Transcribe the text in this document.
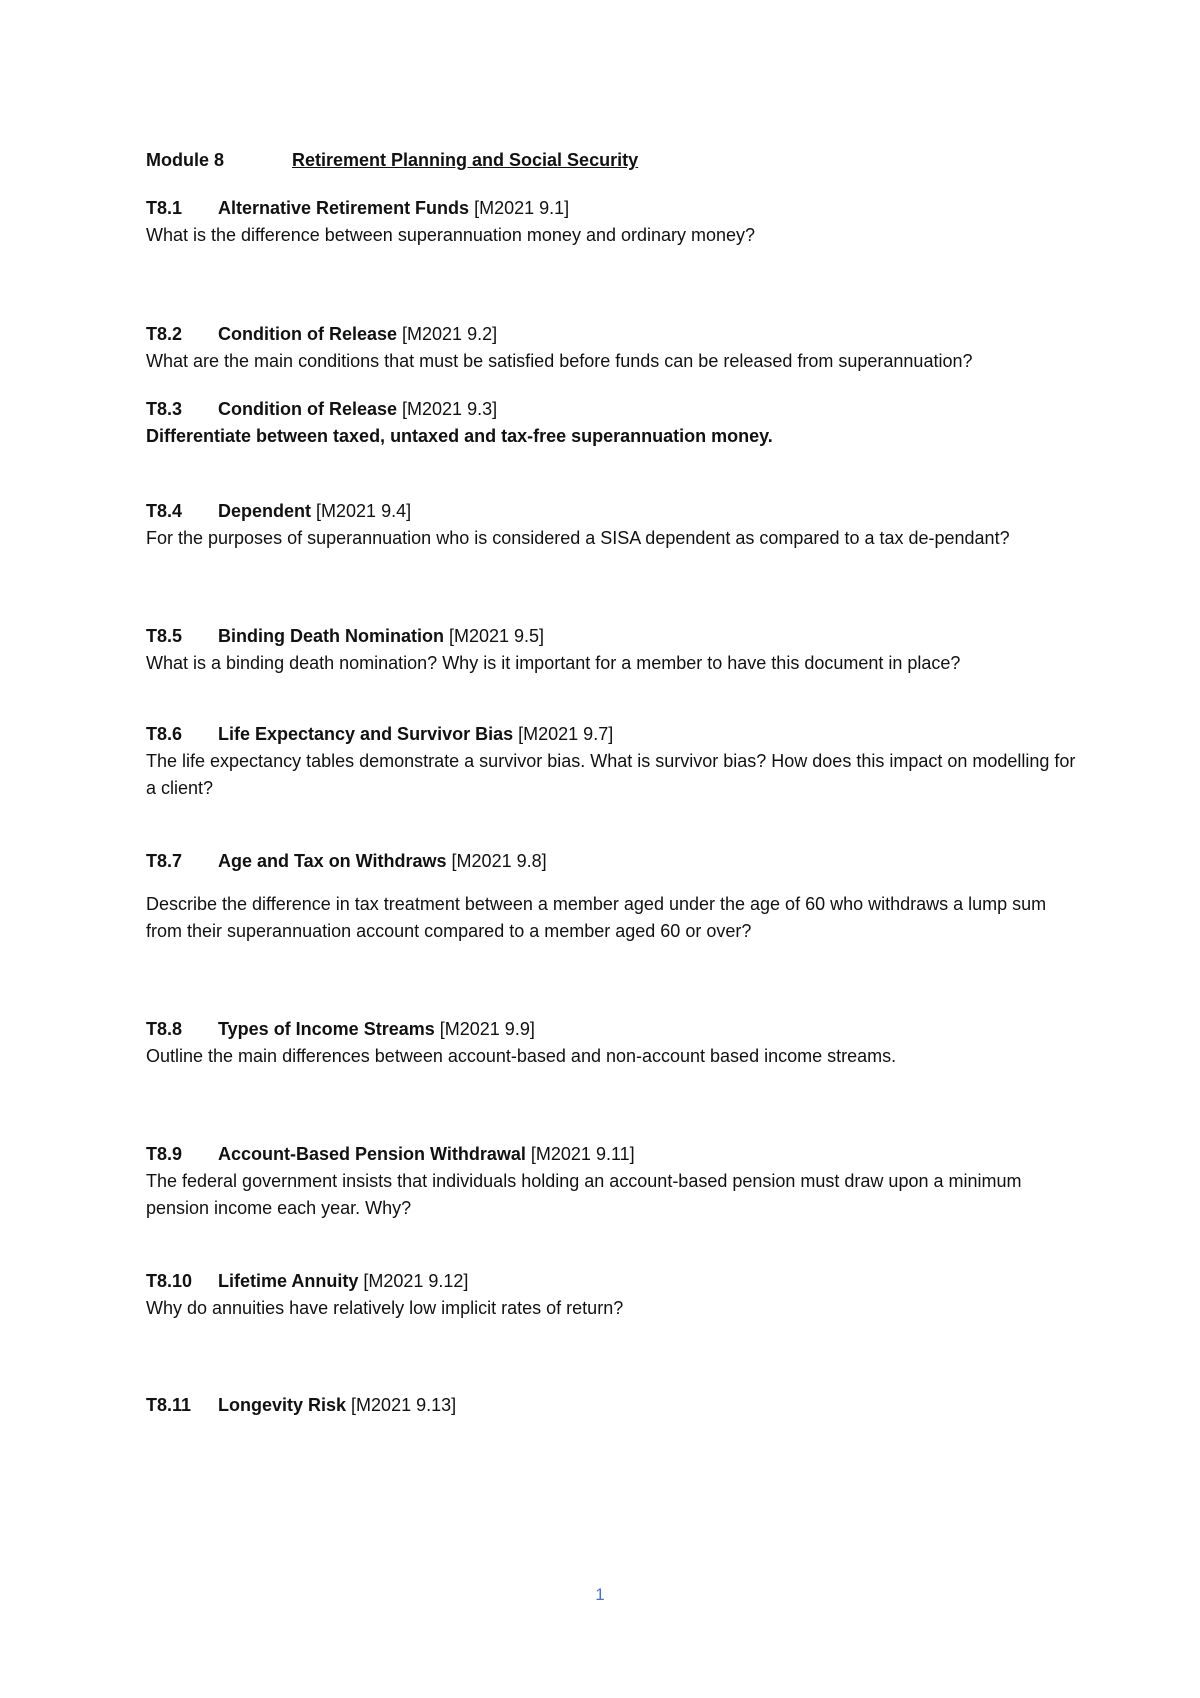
Module 8	Retirement Planning and Social Security
T8.1 Alternative Retirement Funds [M2021 9.1]
What is the difference between superannuation money and ordinary money?
T8.2 Condition of Release [M2021 9.2]
What are the main conditions that must be satisfied before funds can be released from superannuation?
T8.3 Condition of Release [M2021 9.3]
Differentiate between taxed, untaxed and tax-free superannuation money.
T8.4 Dependent [M2021 9.4]
For the purposes of superannuation who is considered a SISA dependent as compared to a tax de-pendant?
T8.5 Binding Death Nomination [M2021 9.5]
What is a binding death nomination? Why is it important for a member to have this document in place?
T8.6 Life Expectancy and Survivor Bias [M2021 9.7]
The life expectancy tables demonstrate a survivor bias. What is survivor bias? How does this impact on modelling for a client?
T8.7 Age and Tax on Withdraws [M2021 9.8]
Describe the difference in tax treatment between a member aged under the age of 60 who withdraws a lump sum from their superannuation account compared to a member aged 60 or over?
T8.8 Types of Income Streams [M2021 9.9]
Outline the main differences between account-based and non-account based income streams.
T8.9 Account-Based Pension Withdrawal [M2021 9.11]
The federal government insists that individuals holding an account-based pension must draw upon a minimum pension income each year. Why?
T8.10 Lifetime Annuity [M2021 9.12]
Why do annuities have relatively low implicit rates of return?
T8.11 Longevity Risk [M2021 9.13]
1
